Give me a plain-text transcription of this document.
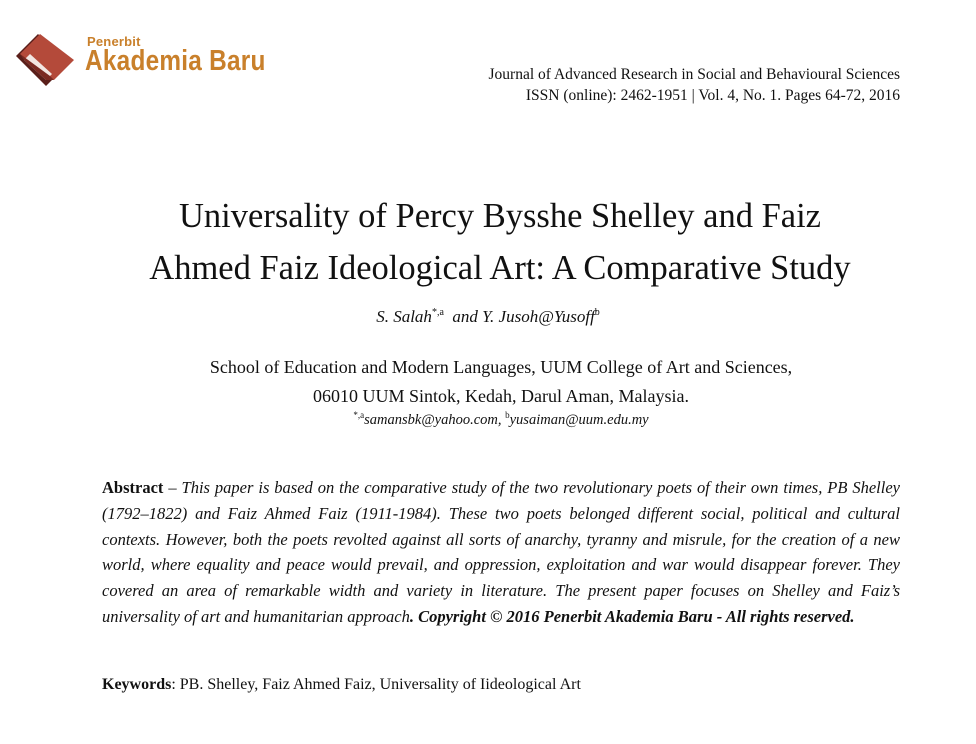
Penerbit
Akademia Baru	Journal of Advanced Research in Social and Behavioural Sciences
ISSN (online): 2462-1951 | Vol. 4, No. 1. Pages 64-72, 2016
Universality of Percy Bysshe Shelley and Faiz
Ahmed Faiz Ideological Art: A Comparative Study
S. Salah$^{*,a}$ and Y. Jusoh@Yusoff$^b$
School of Education and Modern Languages, UUM College of Art and Sciences,
06010 UUM Sintok, Kedah, Darul Aman, Malaysia.
$^{*,a}$samansbk@yahoo.com, $^b$yusaiman@uum.edu.my
Abstract – This paper is based on the comparative study of the two revolutionary poets of their own times, PB Shelley (1792–1822) and Faiz Ahmed Faiz (1911-1984). These two poets belonged different social, political and cultural contexts. However, both the poets revolted against all sorts of anarchy, tyranny and misrule, for the creation of a new world, where equality and peace would prevail, and oppression, exploitation and war would disappear forever. They covered an area of remarkable width and variety in literature. The present paper focuses on Shelley and Faiz’s universality of art and humanitarian approach. Copyright © 2016 Penerbit Akademia Baru - All rights reserved.
Keywords: PB. Shelley, Faiz Ahmed Faiz, Universality of Iideological Art
